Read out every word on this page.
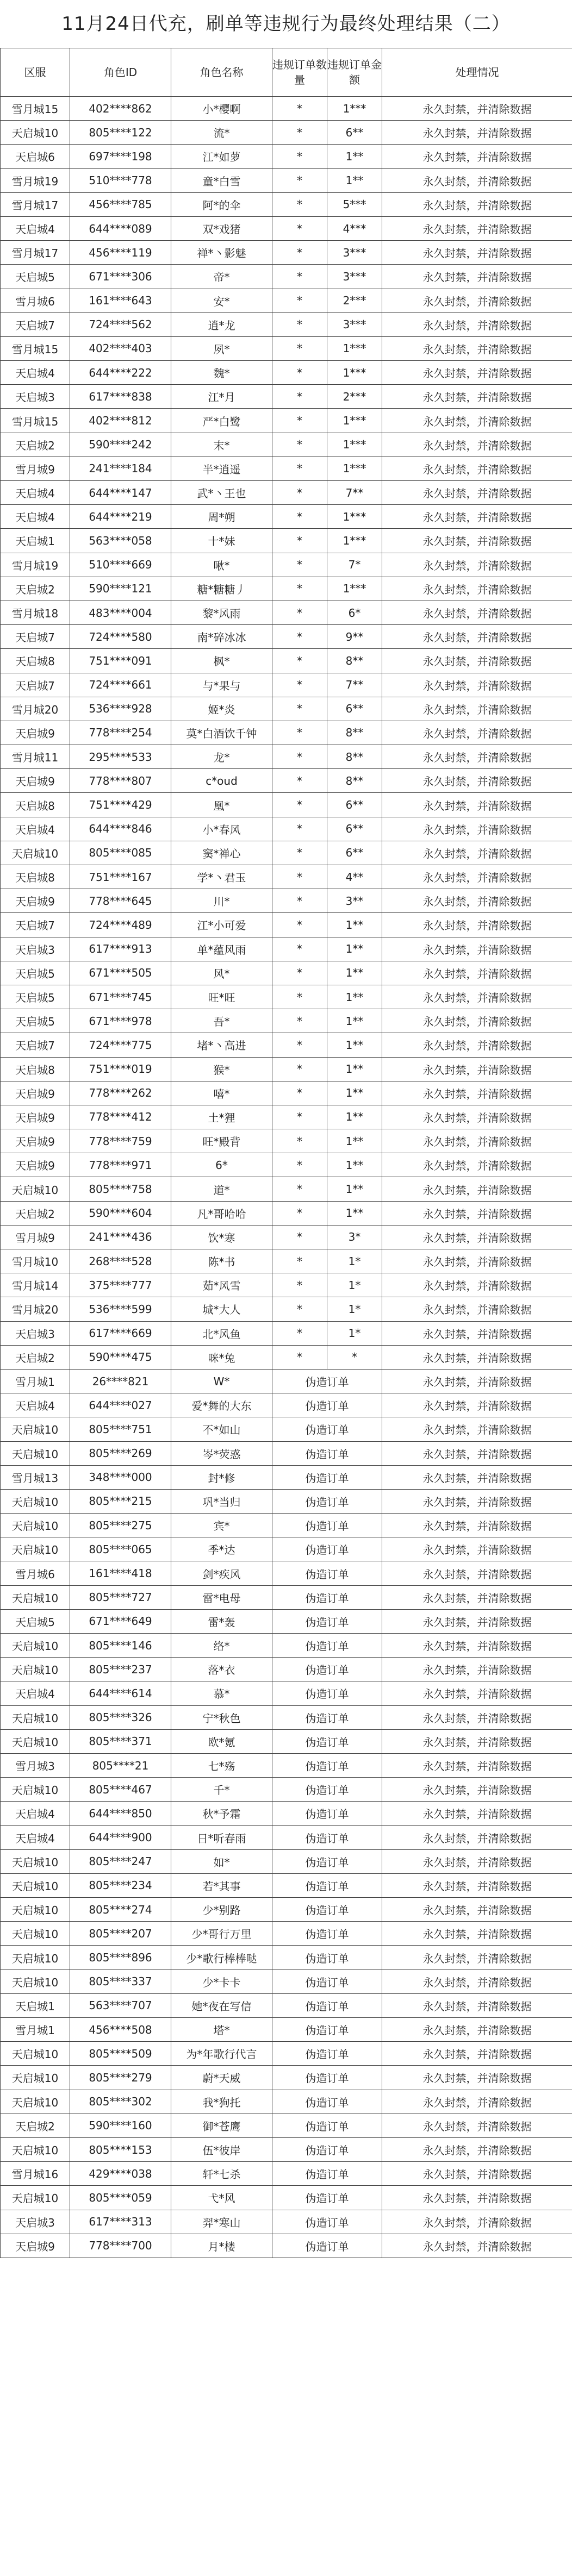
11月24日代充，刷单等违规行为最终处理结果（二）
区服	角色ID	角色名称	违规订单数量	违规订单金额	处理情况
雪月城15	402****862	小*樱啊	*	1***	永久封禁，并清除数据
天启城10	805****122	流*	*	6**	永久封禁，并清除数据
天启城6	697****198	江*如萝	*	1**	永久封禁，并清除数据
雪月城19	510****778	童*白雪	*	1**	永久封禁，并清除数据
雪月城17	456****785	阿*的伞	*	5***	永久封禁，并清除数据
天启城4	644****089	双*戏猪	*	4***	永久封禁，并清除数据
雪月城17	456****119	禅*丶影魅	*	3***	永久封禁，并清除数据
天启城5	671****306	帝*	*	3***	永久封禁，并清除数据
雪月城6	161****643	安*	*	2***	永久封禁，并清除数据
天启城7	724****562	逍*龙	*	3***	永久封禁，并清除数据
雪月城15	402****403	夙*	*	1***	永久封禁，并清除数据
天启城4	644****222	魏*	*	1***	永久封禁，并清除数据
天启城3	617****838	江*月	*	2***	永久封禁，并清除数据
雪月城15	402****812	严*白鹭	*	1***	永久封禁，并清除数据
天启城2	590****242	末*	*	1***	永久封禁，并清除数据
雪月城9	241****184	半*逍遥	*	1***	永久封禁，并清除数据
天启城4	644****147	武*丶王也	*	7**	永久封禁，并清除数据
天启城4	644****219	周*朔	*	1***	永久封禁，并清除数据
天启城1	563****058	十*妹	*	1***	永久封禁，并清除数据
雪月城19	510****669	啾*	*	7*	永久封禁，并清除数据
天启城2	590****121	糖*糖糖丿	*	1***	永久封禁，并清除数据
雪月城18	483****004	黎*风雨	*	6*	永久封禁，并清除数据
天启城7	724****580	南*碎冰冰	*	9**	永久封禁，并清除数据
天启城8	751****091	枫*	*	8**	永久封禁，并清除数据
天启城7	724****661	与*果与	*	7**	永久封禁，并清除数据
雪月城20	536****928	姬*炎	*	6**	永久封禁，并清除数据
天启城9	778****254	莫*白酒饮千钟	*	8**	永久封禁，并清除数据
雪月城11	295****533	龙*	*	8**	永久封禁，并清除数据
天启城9	778****807	c*oud	*	8**	永久封禁，并清除数据
天启城8	751****429	凰*	*	6**	永久封禁，并清除数据
天启城4	644****846	小*春风	*	6**	永久封禁，并清除数据
天启城10	805****085	窦*禅心	*	6**	永久封禁，并清除数据
天启城8	751****167	学*丶君玉	*	4**	永久封禁，并清除数据
天启城9	778****645	川*	*	3**	永久封禁，并清除数据
天启城7	724****489	江*小可爱	*	1**	永久封禁，并清除数据
天启城3	617****913	单*蕴风雨	*	1**	永久封禁，并清除数据
天启城5	671****505	风*	*	1**	永久封禁，并清除数据
天启城5	671****745	旺*旺	*	1**	永久封禁，并清除数据
天启城5	671****978	吾*	*	1**	永久封禁，并清除数据
天启城7	724****775	堵*丶高进	*	1**	永久封禁，并清除数据
天启城8	751****019	猴*	*	1**	永久封禁，并清除数据
天启城9	778****262	嘻*	*	1**	永久封禁，并清除数据
天启城9	778****412	土*狸	*	1**	永久封禁，并清除数据
天启城9	778****759	旺*殿背	*	1**	永久封禁，并清除数据
天启城9	778****971	6*	*	1**	永久封禁，并清除数据
天启城10	805****758	道*	*	1**	永久封禁，并清除数据
天启城2	590****604	凡*哥哈哈	*	1**	永久封禁，并清除数据
雪月城9	241****436	饮*寒	*	3*	永久封禁，并清除数据
雪月城10	268****528	陈*书	*	1*	永久封禁，并清除数据
雪月城14	375****777	茹*风雪	*	1*	永久封禁，并清除数据
雪月城20	536****599	城*大人	*	1*	永久封禁，并清除数据
天启城3	617****669	北*风鱼	*	1*	永久封禁，并清除数据
天启城2	590****475	咪*兔	*	*	永久封禁，并清除数据
雪月城1	26****821	W*	伪造订单		永久封禁，并清除数据
天启城4	644****027	爱*舞的大东	伪造订单		永久封禁，并清除数据
天启城10	805****751	不*如山	伪造订单		永久封禁，并清除数据
天启城10	805****269	岑*荧惑	伪造订单		永久封禁，并清除数据
雪月城13	348****000	封*修	伪造订单		永久封禁，并清除数据
天启城10	805****215	巩*当归	伪造订单		永久封禁，并清除数据
天启城10	805****275	宾*	伪造订单		永久封禁，并清除数据
天启城10	805****065	季*达	伪造订单		永久封禁，并清除数据
雪月城6	161****418	剑*疾风	伪造订单		永久封禁，并清除数据
天启城10	805****727	雷*电母	伪造订单		永久封禁，并清除数据
天启城5	671****649	雷*轰	伪造订单		永久封禁，并清除数据
天启城10	805****146	络*	伪造订单		永久封禁，并清除数据
天启城10	805****237	落*衣	伪造订单		永久封禁，并清除数据
天启城4	644****614	慕*	伪造订单		永久封禁，并清除数据
天启城10	805****326	宁*秋色	伪造订单		永久封禁，并清除数据
天启城10	805****371	欧*氪	伪造订单		永久封禁，并清除数据
雪月城3	805****21	七*殇	伪造订单		永久封禁，并清除数据
天启城10	805****467	千*	伪造订单		永久封禁，并清除数据
天启城4	644****850	秋*予霜	伪造订单		永久封禁，并清除数据
天启城4	644****900	日*听春雨	伪造订单		永久封禁，并清除数据
天启城10	805****247	如*	伪造订单		永久封禁，并清除数据
天启城10	805****234	若*其事	伪造订单		永久封禁，并清除数据
天启城10	805****274	少*别路	伪造订单		永久封禁，并清除数据
天启城10	805****207	少*哥行万里	伪造订单		永久封禁，并清除数据
天启城10	805****896	少*歌行棒棒哒	伪造订单		永久封禁，并清除数据
天启城10	805****337	少*卡卡	伪造订单		永久封禁，并清除数据
天启城1	563****707	她*夜在写信	伪造订单		永久封禁，并清除数据
雪月城1	456****508	塔*	伪造订单		永久封禁，并清除数据
天启城10	805****509	为*年歌行代言	伪造订单		永久封禁，并清除数据
天启城10	805****279	蔚*天威	伪造订单		永久封禁，并清除数据
天启城10	805****302	我*狗托	伪造订单		永久封禁，并清除数据
天启城2	590****160	御*苍鹰	伪造订单		永久封禁，并清除数据
天启城10	805****153	伍*彼岸	伪造订单		永久封禁，并清除数据
雪月城16	429****038	轩*七杀	伪造订单		永久封禁，并清除数据
天启城10	805****059	弋*风	伪造订单		永久封禁，并清除数据
天启城3	617****313	羿*寒山	伪造订单		永久封禁，并清除数据
天启城9	778****700	月*楼	伪造订单		永久封禁，并清除数据
